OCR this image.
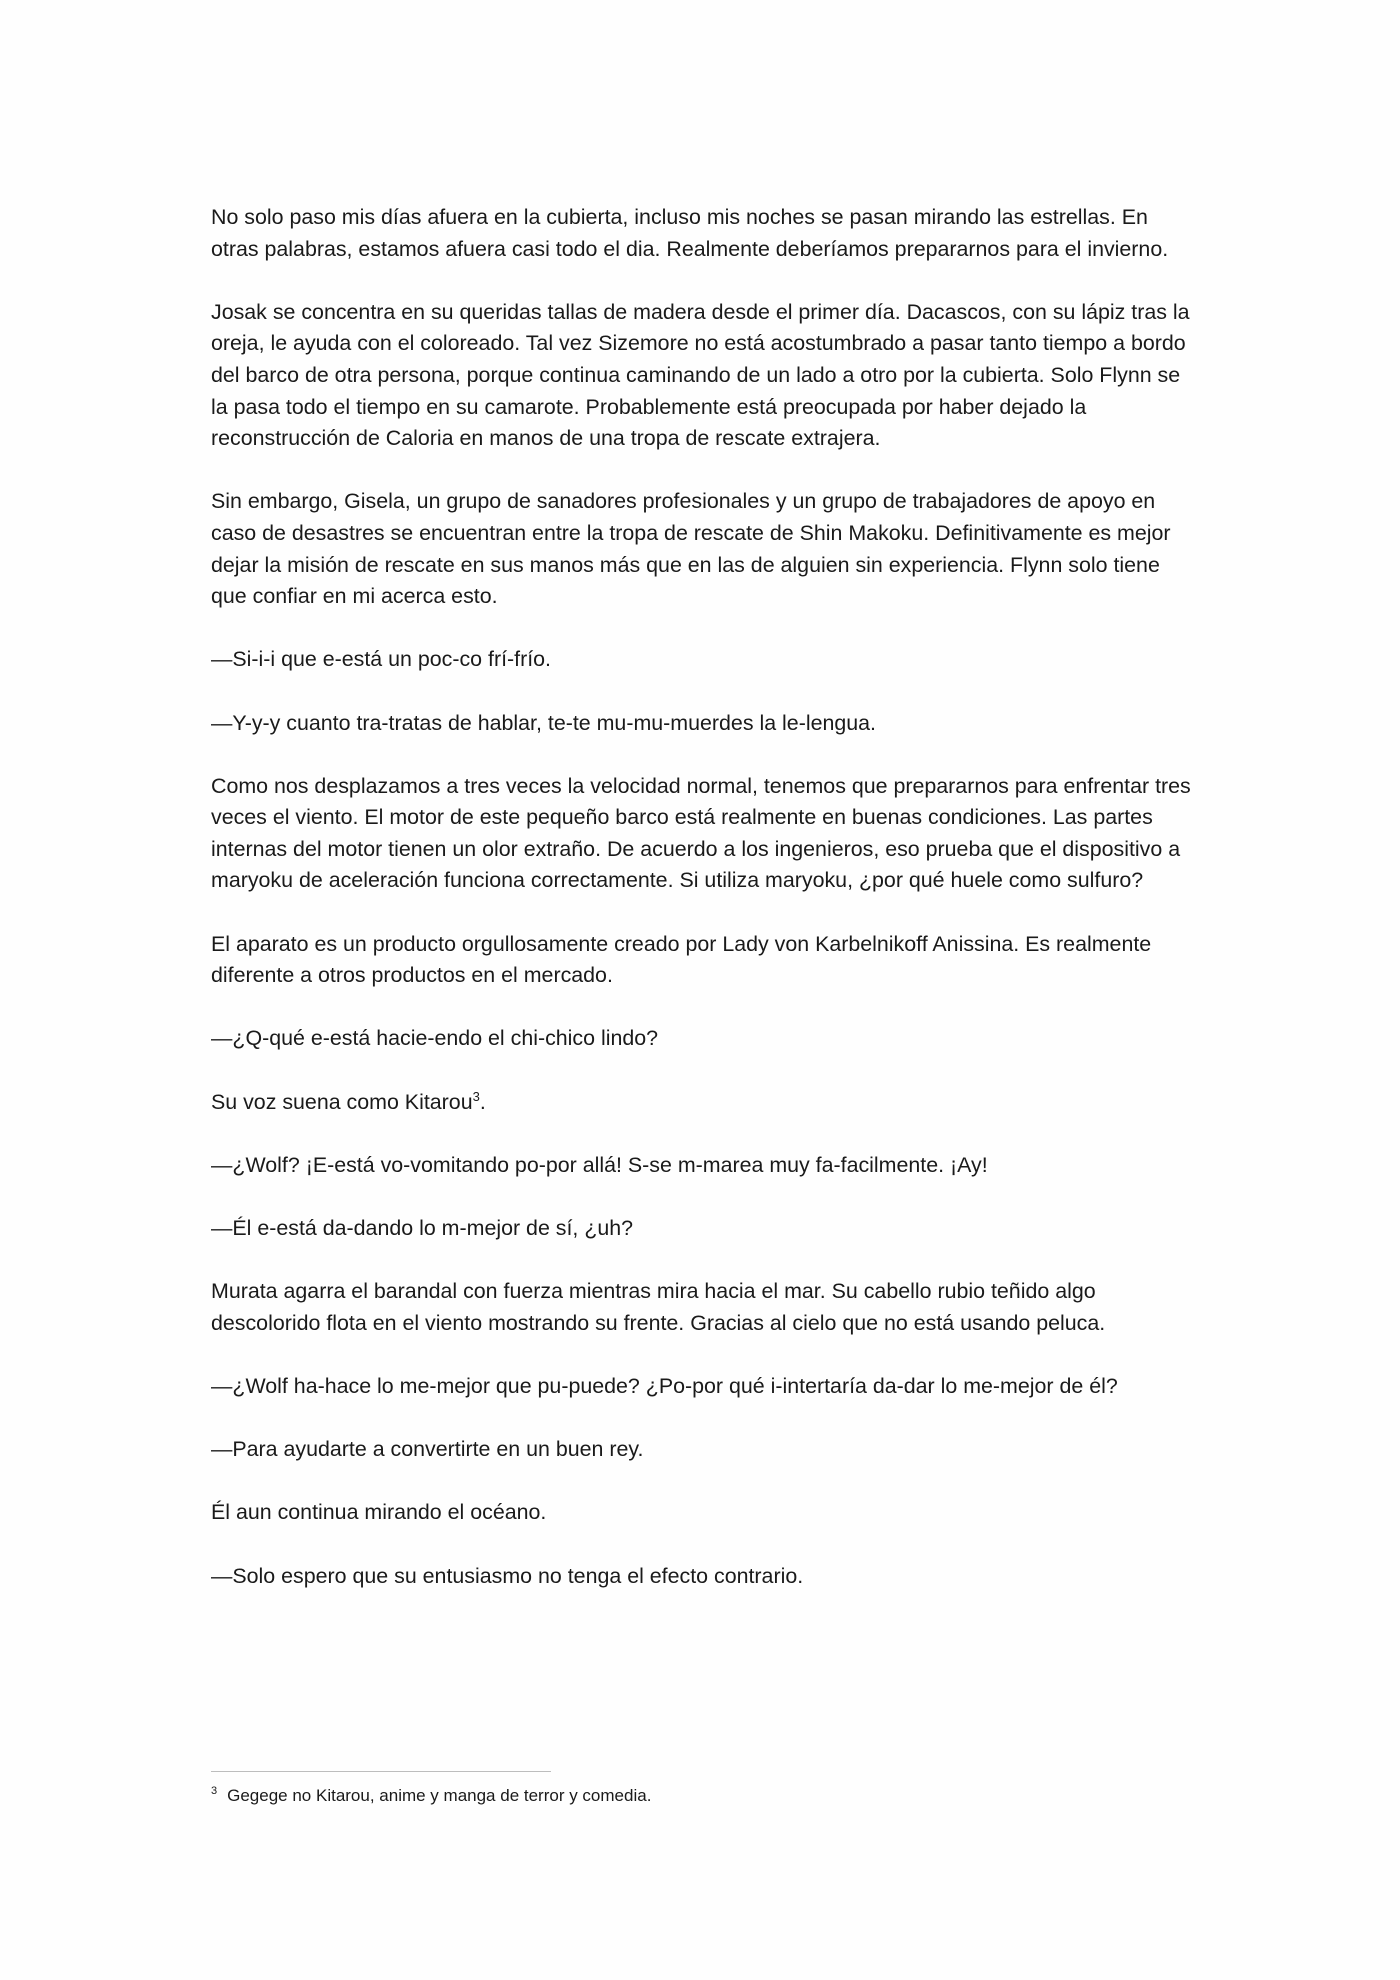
No solo paso mis días afuera en la cubierta, incluso mis noches se pasan mirando las estrellas. En otras palabras, estamos afuera casi todo el dia. Realmente deberíamos prepararnos para el invierno.

Josak se concentra en su queridas tallas de madera desde el primer día. Dacascos, con su lápiz tras la oreja, le ayuda con el coloreado. Tal vez Sizemore no está acostumbrado a pasar tanto tiempo a bordo del barco de otra persona, porque continua caminando de un lado a otro por la cubierta. Solo Flynn se la pasa todo el tiempo en su camarote. Probablemente está preocupada por haber dejado la reconstrucción de Caloria en manos de una tropa de rescate extrajera.

Sin embargo, Gisela, un grupo de sanadores profesionales y un grupo de trabajadores de apoyo en caso de desastres se encuentran entre la tropa de rescate de Shin Makoku. Definitivamente es mejor dejar la misión de rescate en sus manos más que en las de alguien sin experiencia. Flynn solo tiene que confiar en mi acerca esto.

—Si-i-i que e-está un poc-co frí-frío.

—Y-y-y cuanto tra-tratas de hablar, te-te mu-mu-muerdes la le-lengua.

Como nos desplazamos a tres veces la velocidad normal, tenemos que prepararnos para enfrentar tres veces el viento. El motor de este pequeño barco está realmente en buenas condiciones. Las partes internas del motor tienen un olor extraño. De acuerdo a los ingenieros, eso prueba que el dispositivo a maryoku de aceleración funciona correctamente. Si utiliza maryoku, ¿por qué huele como sulfuro?

El aparato es un producto orgullosamente creado por Lady von Karbelnikoff Anissina. Es realmente diferente a otros productos en el mercado.

—¿Q-qué e-está hacie-endo el chi-chico lindo?

Su voz suena como Kitarou$^3$.

—¿Wolf? ¡E-está vo-vomitando po-por allá! S-se m-marea muy fa-facilmente. ¡Ay!

—Él e-está da-dando lo m-mejor de sí, ¿uh?

Murata agarra el barandal con fuerza mientras mira hacia el mar. Su cabello rubio teñido algo descolorido flota en el viento mostrando su frente. Gracias al cielo que no está usando peluca.

—¿Wolf ha-hace lo me-mejor que pu-puede? ¿Po-por qué i-intertaría da-dar lo me-mejor de él?

—Para ayudarte a convertirte en un buen rey.

Él aun continua mirando el océano.

—Solo espero que su entusiasmo no tenga el efecto contrario.

$^3$ Gegege no Kitarou, anime y manga de terror y comedia.
